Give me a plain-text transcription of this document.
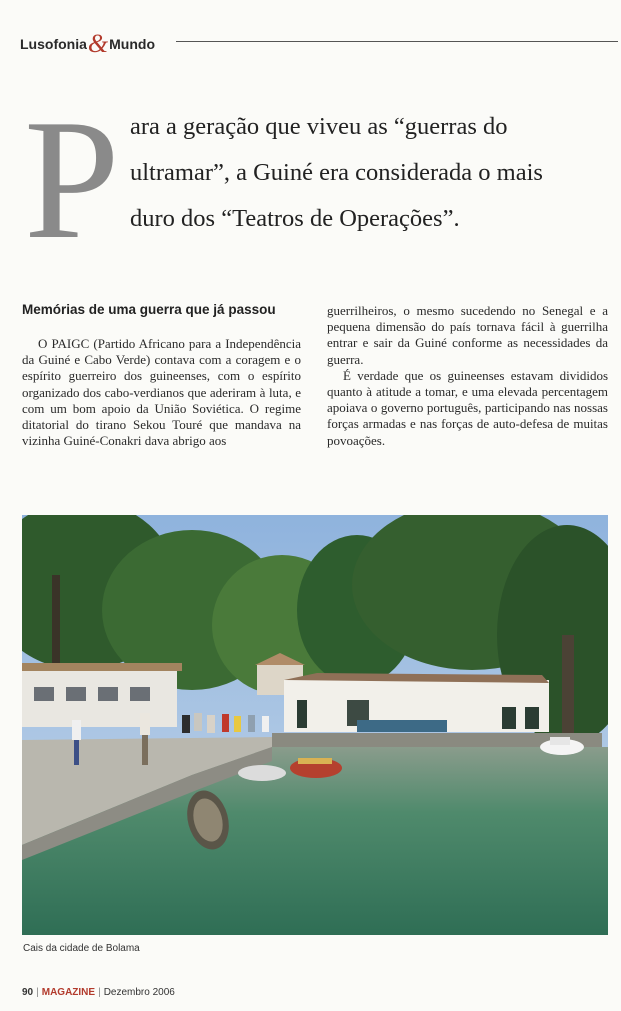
Lusofonia&Mundo
P ara a geração que viveu as “guerras do
ultramar”, a Guiné era considerada o mais
duro dos “Teatros de Operações”.
Memórias de uma guerra que já passou

O PAIGC (Partido Africano para a Independência da Guiné e Cabo Verde) contava com a coragem e o espírito guerreiro dos guineenses, com o espírito organizado dos cabo-verdianos que aderiram à luta, e com um bom apoio da União Soviética. O regime ditatorial do tirano Sekou Touré que mandava na vizinha Guiné-Conakri dava abrigo aos

guerrilheiros, o mesmo sucedendo no Senegal e a pequena dimensão do país tornava fácil à guerrilha entrar e sair da Guiné conforme as necessidades da guerra.

É verdade que os guineenses estavam divididos quanto à atitude a tomar, e uma elevada percentagem apoiava o governo português, participando nas nossas forças armadas e nas forças de auto-defesa de muitas povoações.

Cais da cidade de Bolama
90 | MAGAZINE | Dezembro 2006
